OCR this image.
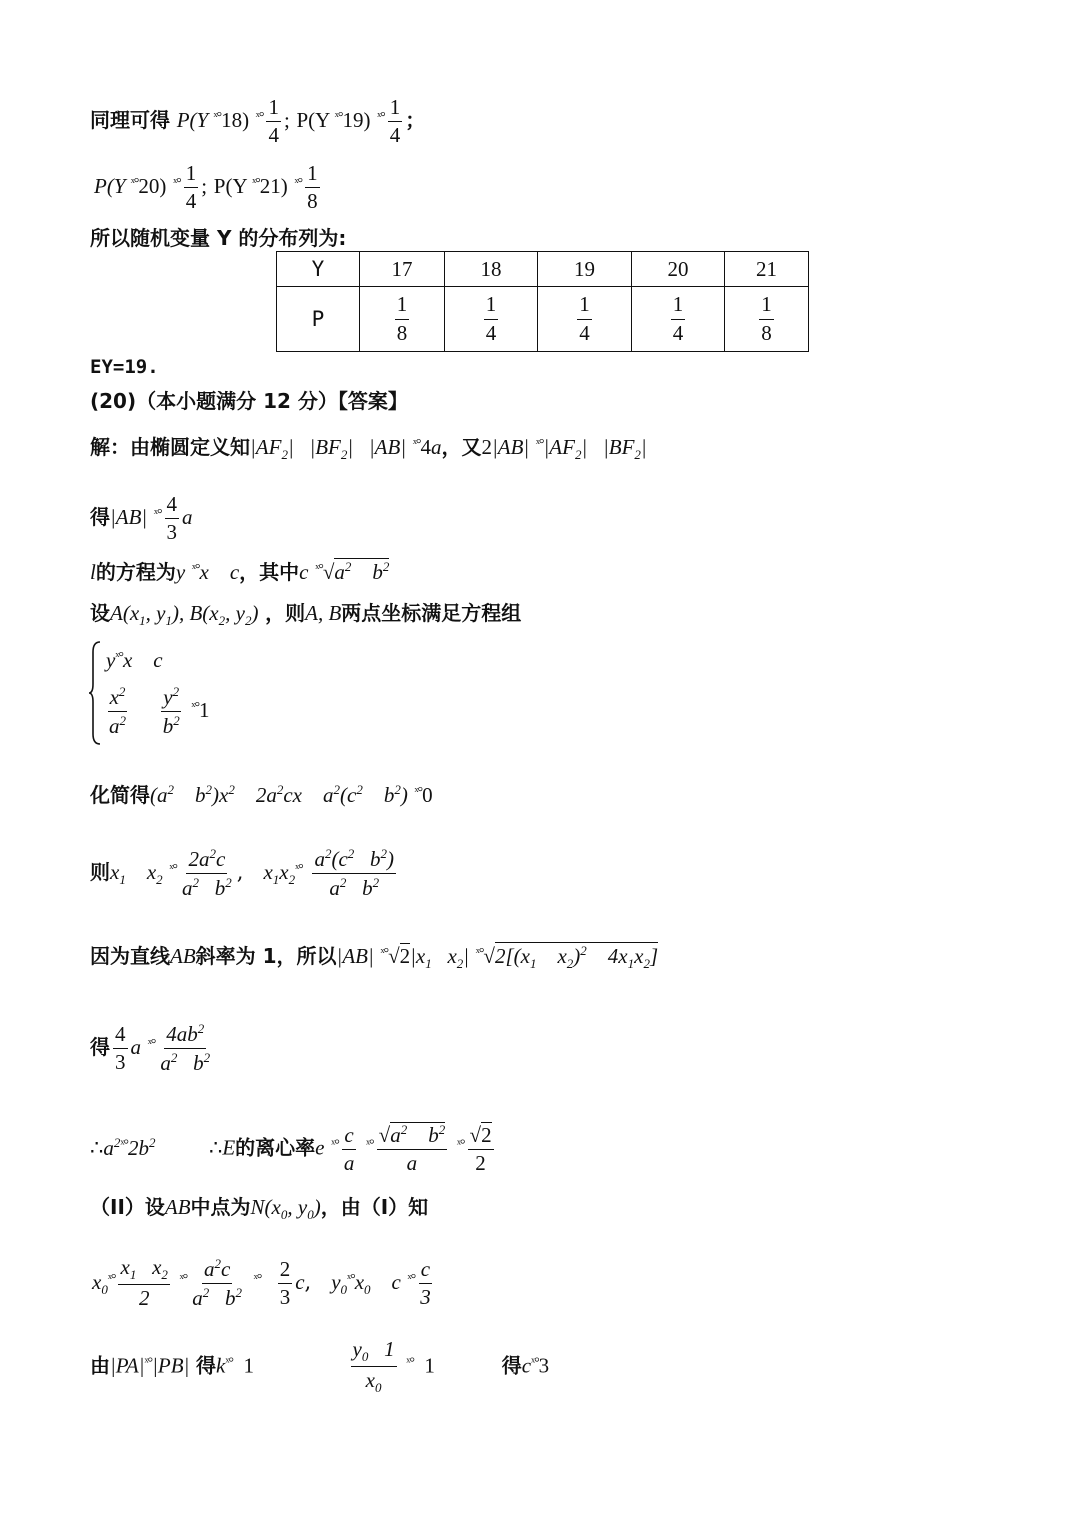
同理可得 P(Y $^{ˣ^\circ}$18) $^{ˣ^\circ} \frac{1}{4}$ ; P(Y $^{ˣ^\circ}$19) $^{ˣ^\circ} \frac{1}{4}$ ；
P(Y $^{ˣ^\circ}$20) $^{ˣ^\circ} \frac{1}{4}$ ; P(Y $^{ˣ^\circ}$21) $^{ˣ^\circ} \frac{1}{8}$
所以随机变量 Y 的分布列为:
Y	17	18	19	20	21
P	$\frac{1}{8}$	$\frac{1}{4}$	$\frac{1}{4}$	$\frac{1}{4}$	$\frac{1}{8}$
EY=19.
(20)（本小题满分 12 分）【答案】
解：由椭圆定义知$|AF_2|$   $|BF_2|$   |AB| $^{ˣ^\circ}$4a，又2|AB| $^{ˣ^\circ}|AF_2|$   $|BF_2|$
得|AB| $^{ˣ^\circ} \frac{4}{3}$ a
l的方程为y $^{ˣ^\circ}$x    c，其中c $^{ˣ^\circ}√a^2$    $b^2$
设$A(x_1$, $y_1$), $B(x_2$, $y_2$) ，则A, B两点坐标满足方程组
$y^{ˣ^\circ}x$    c
$\frac{x^2}{a^2}$
$\frac{y^2}{b^2} ^{ˣ^\circ}1$
化简得($a^2$    $b^2)x^2$    $2a^2cx$    $a^2(c^2$    $b^2$) $^{ˣ^\circ}$0
则$x_1$    $x_2$ $^{ˣ^\circ} \frac{2a^2c}{a^2 b^2}$ ,   $x_1x_2^{ˣ^\circ} \frac{a^2(c^2 b^2)}{a^2 b^2}$
因为直线AB斜率为 1，所以|AB| $^{ˣ^\circ}√2|x_1$   $x_2|$ $^{ˣ^\circ}√2[(x_1$    $x_2)^2$    $4x_1x_2$]
得 $\frac{4}{3}$ a $^{ˣ^\circ} \frac{4ab^2}{a^2 b^2}$
$\therefore a^{2ˣ^\circ}2b^2$	∴E的离心率e $^{ˣ^\circ} \frac{c}{a} ^{ˣ^\circ} \frac{√a^2 b^2}{a} ^{ˣ^\circ} \frac{√2}{2}$
（II）设AB中点为$N(x_0$, $y_0$)，由（I）知
$x_0^{ˣ^\circ} \frac{x_1 x_2}{2} ^{ˣ^\circ} \frac{a^2c}{a^2 b^2} ^{ˣ^\circ} \frac{2}{3} c$,   $y_0^{ˣ^\circ}x_0$    c $^{ˣ^\circ} \frac{c}{3}$
由$|PA|^{ˣ^\circ}|PB|$ 得$k^{ˣ^\circ}$  1	$\frac{y_0 1}{x_0} ^{ˣ^\circ}$  1	得$c^{ˣ^\circ}3$
